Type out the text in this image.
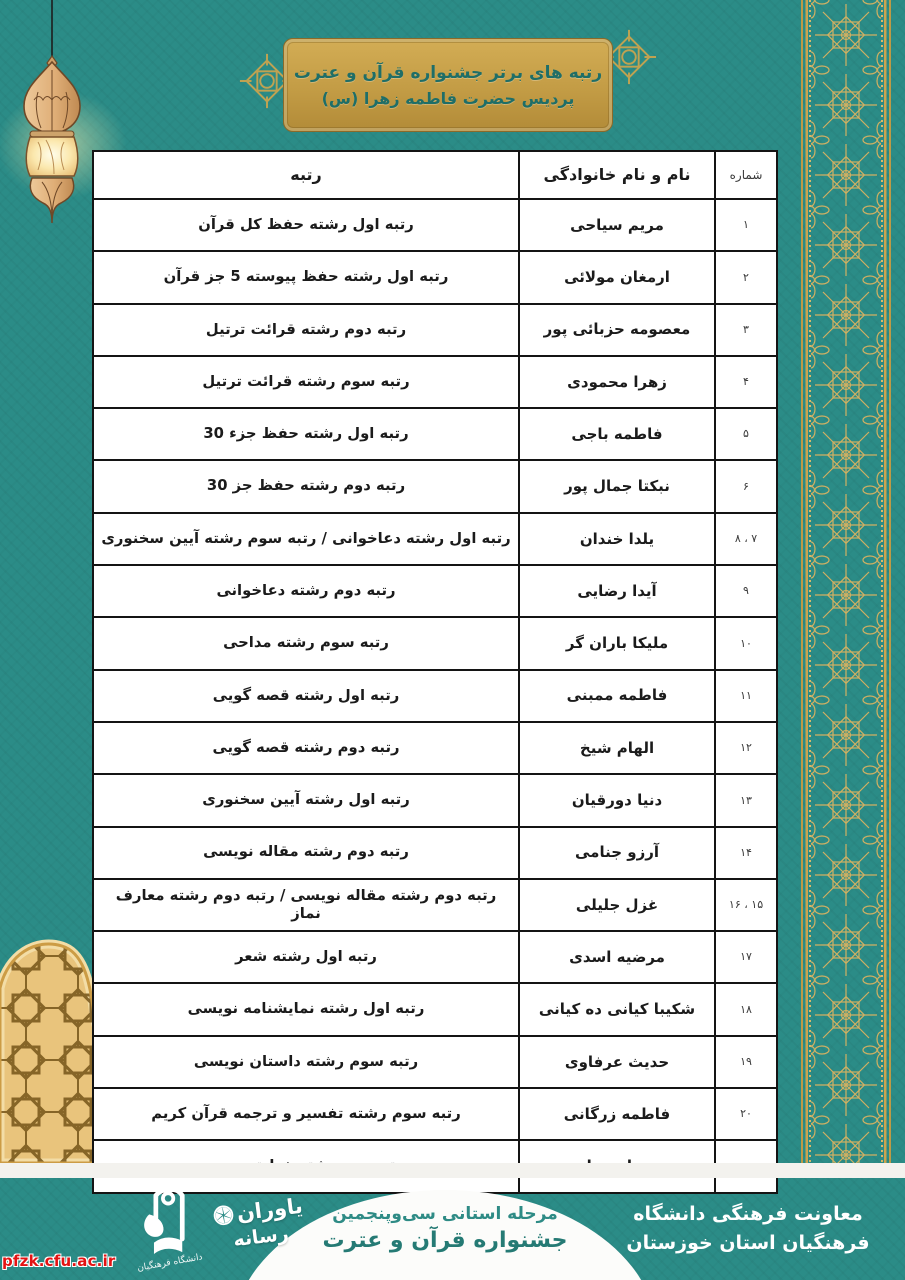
رتبه های برتر جشنواره قرآن و عترت
پردیس حضرت فاطمه زهرا (س)
شماره
نام و نام خانوادگی
رتبه
۱
مریم سیاحی
رتبه اول رشته حفظ کل قرآن
۲
ارمغان مولائی
رتبه اول رشته حفظ پیوسته 5 جز قرآن
۳
معصومه حزبائی پور
رتبه دوم رشته قرائت ترتیل
۴
زهرا محمودی
رتبه سوم رشته قرائت ترتیل
۵
فاطمه باجی
رتبه اول رشته حفظ جزء 30
۶
نبکتا جمال پور
رتبه دوم رشته حفظ جز 30
۷ ، ۸
یلدا خندان
رتبه اول رشته دعاخوانی / رتبه سوم رشته آیین سخنوری
۹
آیدا رضایی
رتبه دوم رشته دعاخوانی
۱۰
ملیکا باران گر
رتبه سوم رشته مداحی
۱۱
فاطمه ممبنی
رتبه اول رشته قصه گویی
۱۲
الهام شیخ
رتبه دوم رشته قصه گویی
۱۳
دنیا دورقیان
رتبه اول رشته آیین سخنوری
۱۴
آرزو جنامی
رتبه دوم رشته مقاله نویسی
۱۵ ، ۱۶
غزل جلیلی
رتبه دوم رشته مقاله نویسی / رتبه دوم رشته معارف نماز
۱۷
مرضیه اسدی
رتبه اول رشته شعر
۱۸
شکیبا کیانی ده کیانی
رتبه اول رشته نمایشنامه نویسی
۱۹
حدیث عرفاوی
رتبه سوم رشته داستان نویسی
۲۰
فاطمه زرگانی
رتبه سوم رشته تفسیر و ترجمه قرآن کریم
مرحله استانی سی‌وپنجمین
جشنواره قرآن و عترت
معاونت فرهنگی دانشگاه
فرهنگیان استان خوزستان
دانشگاه فرهنگیان
یاوران
رسانه
pfzk.cfu.ac.ir
